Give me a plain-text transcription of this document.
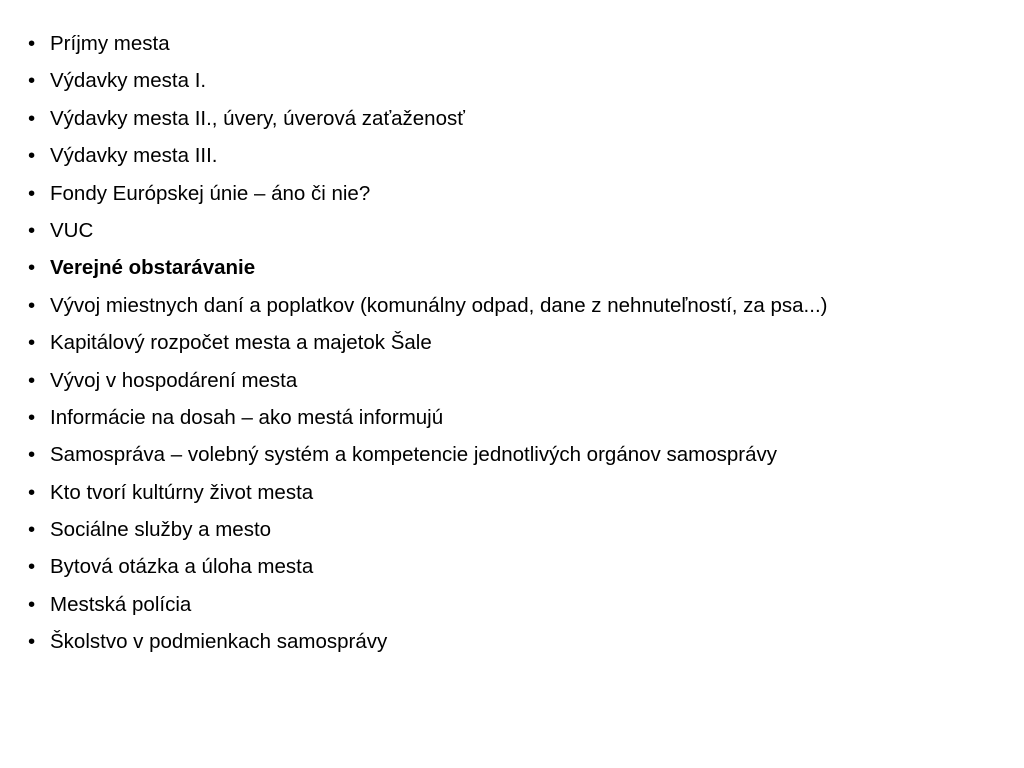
• Príjmy mesta
• Výdavky mesta I.
• Výdavky mesta II., úvery, úverová zaťaženosť
• Výdavky mesta III.
• Fondy Európskej únie – áno či nie?
• VUC
• Verejné obstarávanie
• Vývoj miestnych daní a poplatkov (komunálny odpad, dane z nehnuteľností, za psa...)
• Kapitálový rozpočet mesta a majetok Šale
• Vývoj v hospodárení mesta
• Informácie na dosah – ako mestá informujú
• Samospráva – volebný systém a kompetencie jednotlivých orgánov samosprávy
• Kto tvorí kultúrny život mesta
• Sociálne služby a mesto
• Bytová otázka a úloha mesta
• Mestská polícia
• Školstvo v podmienkach samosprávy
